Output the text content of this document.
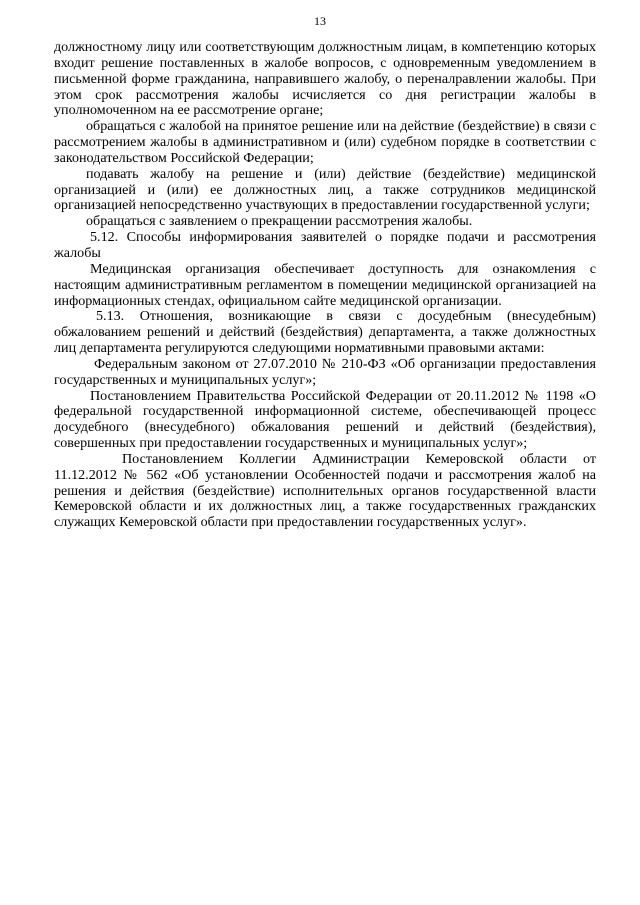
13

должностному лицу или соответствующим должностным лицам, в компетенцию которых входит решение поставленных в жалобе вопросов, с одновременным уведомлением в письменной форме гражданина, направившего жалобу, о переналравлении жалобы. При этом срок рассмотрения жалобы исчисляется со дня регистрации жалобы в уполномоченном на ее рассмотрение органе;

обращаться с жалобой на принятое решение или на действие (бездействие) в связи с рассмотрением жалобы в административном и (или) судебном порядке в соответствии с законодательством Российской Федерации;

подавать жалобу на решение и (или) действие (бездействие) медицинской организацией и (или) ее должностных лиц, а также сотрудников медицинской организацией непосредственно участвующих в предоставлении государственной услуги;

обращаться с заявлением о прекращении рассмотрения жалобы.

5.12. Способы информирования заявителей о порядке подачи и рассмотрения жалобы

Медицинская организация обеспечивает доступность для ознакомления с настоящим административным регламентом в помещении медицинской организацией на информационных стендах, официальном сайте медицинской организации.

5.13. Отношения, возникающие в связи с досудебным (внесудебным) обжалованием решений и действий (бездействия) департамента, а также должностных лиц департамента регулируются следующими нормативными правовыми актами:

Федеральным законом от 27.07.2010 № 210-ФЗ «Об организации предоставления государственных и муниципальных услуг»;

Постановлением Правительства Российской Федерации от 20.11.2012 № 1198 «О федеральной государственной информационной системе, обеспечивающей процесс досудебного (внесудебного) обжалования решений и действий (бездействия), совершенных при предоставлении государственных и муниципальных услуг»;

Постановлением Коллегии Администрации Кемеровской области от 11.12.2012 № 562 «Об установлении Особенностей подачи и рассмотрения жалоб на решения и действия (бездействие) исполнительных органов государственной власти Кемеровской области и их должностных лиц, а также государственных гражданских служащих Кемеровской области при предоставлении государственных услуг».
